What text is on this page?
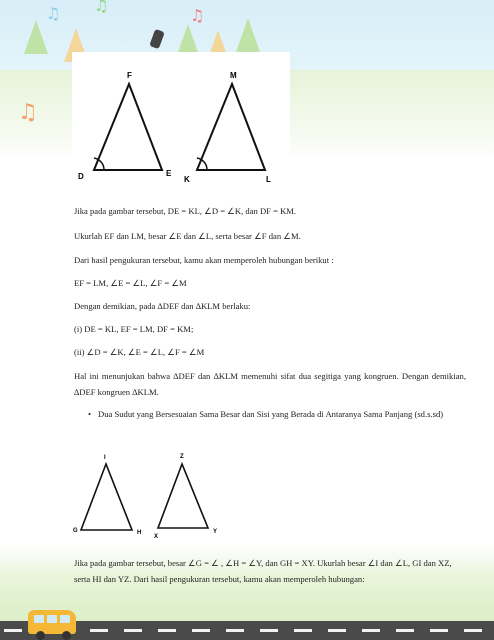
♫ ♫
♫
♫
F
D	E
M
K	L

Jika pada gambar tersebut, DE = KL, ∠D = ∠K, dan DF = KM.

Ukurlah EF dan LM, besar ∠E dan ∠L, serta besar ∠F dan ∠M.

Dari hasil pengukuran tersebut, kamu akan memperoleh hubungan berikut :

EF = LM, ∠E = ∠L, ∠F = ∠M

Dengan demikian, pada ∆DEF dan ∆KLM berlaku:

(i) DE = KL, EF = LM, DF = KM;

(ii) ∠D = ∠K, ∠E = ∠L, ∠F = ∠M

Hal ini menunjukan bahwa ∆DEF dan ∆KLM memenuhi sifat dua segitiga yang kongruen. Dengan demikian, ∆DEF kongruen ∆KLM.

• Dua Sudut yang Bersesuaian Sama Besar dan Sisi yang Berada di Antaranya Sama Panjang (sd.s.sd)

I
G	H
Z
X
Y

Jika pada gambar tersebut, besar ∠G = ∠ , ∠H = ∠Y, dan GH = XY. Ukurlah besar ∠I dan ∠L, GI dan XZ, serta HI dan YZ. Dari hasil pengukuran tersebut, kamu akan memperoleh hubungan:
